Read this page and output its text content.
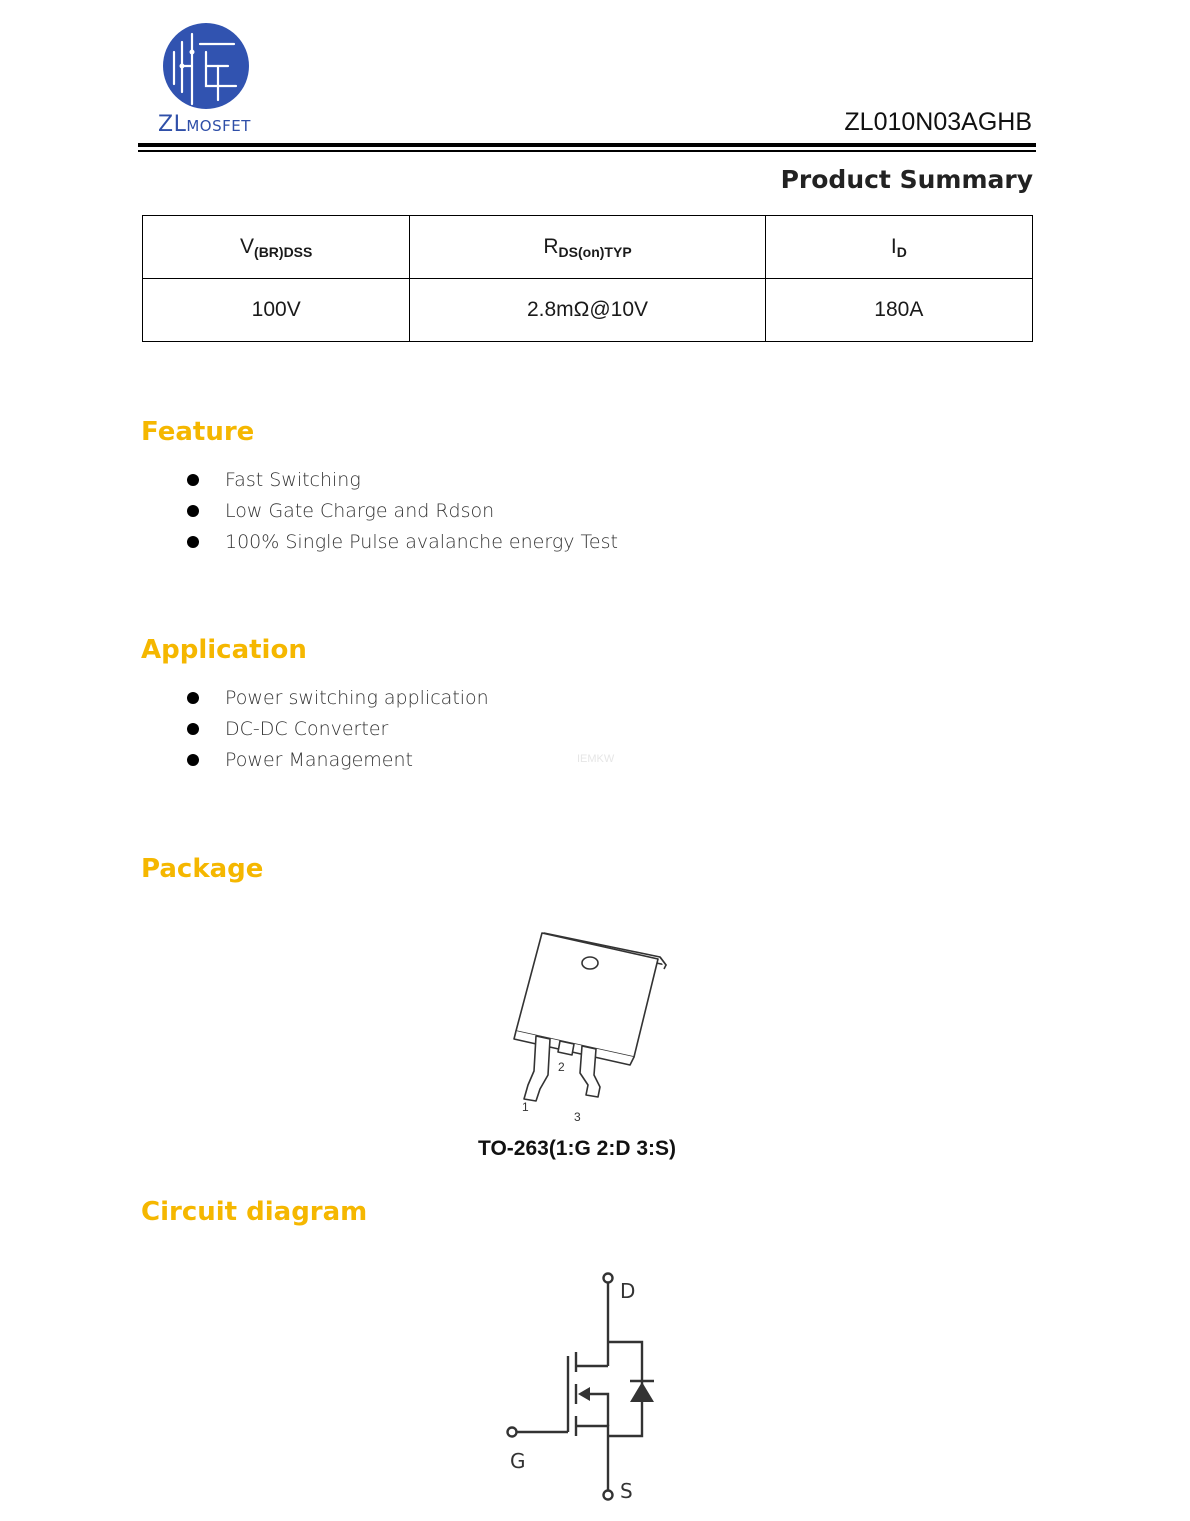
ZLMOSFET	ZL010N03AGHB
Product Summary
$V_{(BR)DSS}$	$R_{DS(on)TYP}$	$I_D$
100V	2.8mΩ@10V	180A
Feature
Fast Switching
Low Gate Charge and Rdson
100% Single Pulse avalanche energy Test
Application
Power switching application
DC-DC Converter
Power Management	IEMKW
Package
2
1
3
TO-263(1:G 2:D 3:S)
Circuit diagram
D
G
S
